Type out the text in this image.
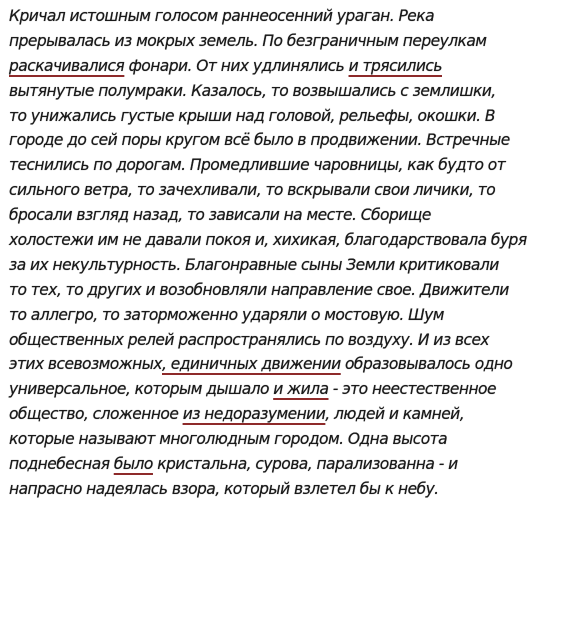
Кричал истошным голосом раннеосенний ураган. Река
прерывалась из мокрых земель. По безграничным переулкам
раскачивалися фонари. От них удлинялись и трясились
вытянутые полумраки. Казалось, то возвышались с землишки,
то унижались густые крыши над головой, рельефы, окошки. В
городе до сей поры кругом всё было в продвижении. Встречные
теснились по дорогам. Промедлившие чаровницы, как будто от
сильного ветра, то зачехливали, то вскрывали свои личики, то
бросали взгляд назад, то зависали на месте. Сборище
холостежи им не давали покоя и, хихикая, благодарствовала буря
за их некультурность. Благонравные сыны Земли критиковали
то тех, то других и возобновляли направление свое. Движители
то аллегро, то заторможенно ударяли о мостовую. Шум
общественных релей распространялись по воздуху. И из всех
этих всевозможных, единичных движении образовывалось одно
универсальное, которым дышало и жила - это неестественное
общество, сложенное из недоразумении, людей и камней,
которые называют многолюдным городом. Одна высота
поднебесная было кристальна, сурова, парализованна - и
напрасно надеялась взора, который взлетел бы к небу.
